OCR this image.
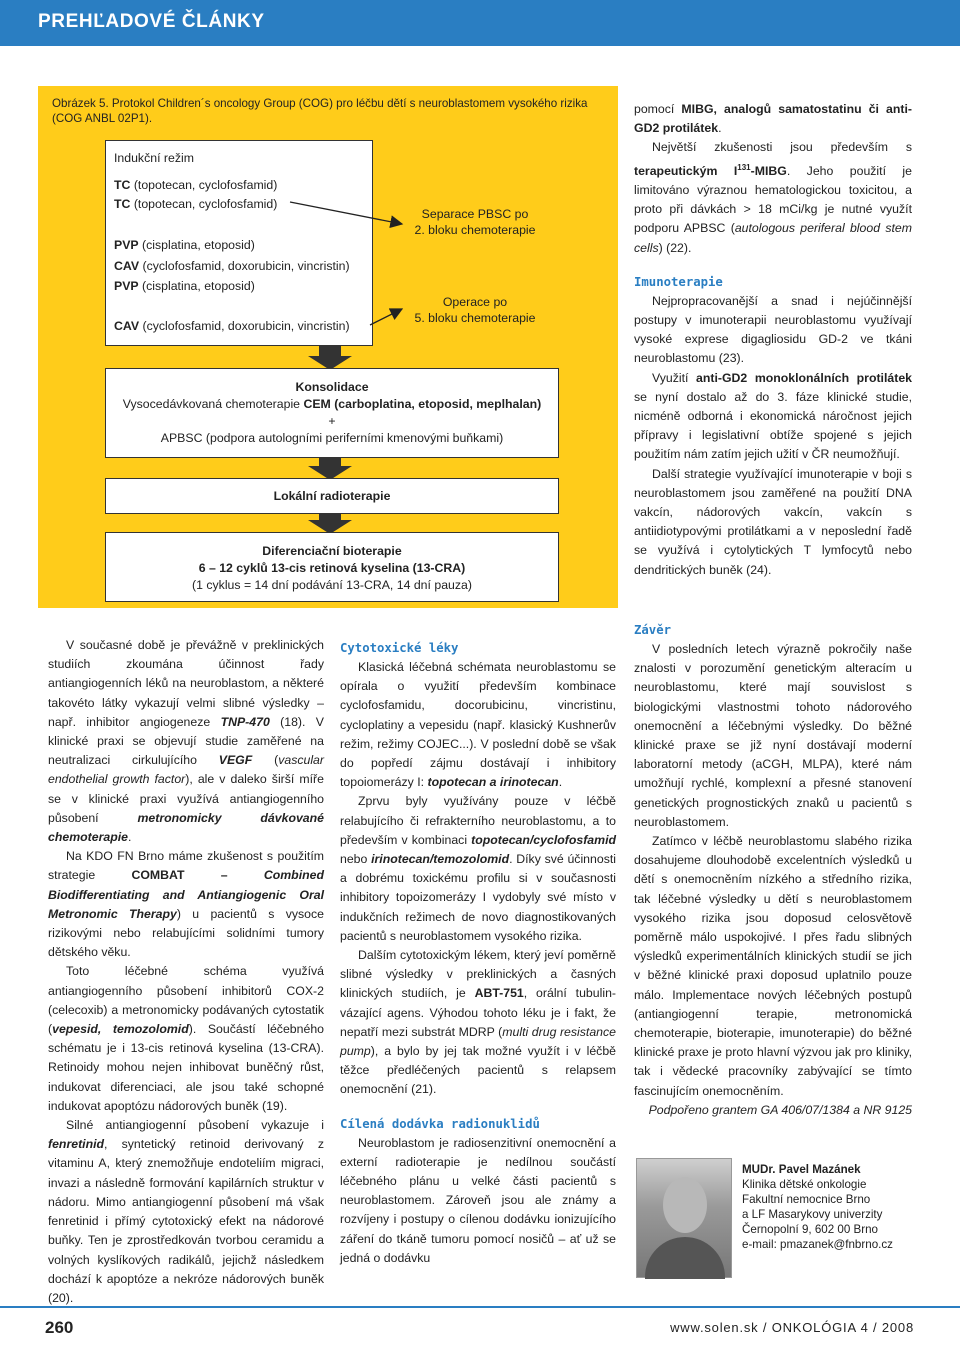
PREHĽADOVÉ ČLÁNKY
Obrázek 5. Protokol Children´s oncology Group (COG) pro léčbu dětí s neuroblastomem vysokého rizika (COG ANBL 02P1).
Indukční režim
TC (topotecan, cyclofosfamid)
TC (topotecan, cyclofosfamid)
PVP (cisplatina, etoposid)
CAV (cyclofosfamid, doxorubicin, vincristin)
PVP (cisplatina, etoposid)
CAV (cyclofosfamid, doxorubicin, vincristin)
Separace PBSC po
2. bloku chemoterapie
Operace po
5. bloku chemoterapie
Konsolidace
Vysocedávkovaná chemoterapie CEM (carboplatina, etoposid, meplhalan)
+
APBSC (podpora autologními periferními kmenovými buňkami)
Lokální radioterapie
Diferenciační bioterapie
6 – 12 cyklů 13-cis retinová kyselina (13-CRA)
(1 cyklus = 14 dní podávání 13-CRA, 14 dní pauza)

pomocí MIBG, analogů samatostatinu či anti-GD2 protilátek.

Největší zkušenosti jsou především s terapeutickým $I^{131}$-MIBG. Jeho použití je limitováno výraznou hematologickou toxicitou, a proto při dávkách > 18 mCi/kg je nutné využít podporu APBSC (autologous periferal blood stem cells) (22).

Imunoterapie

Nejpropracovanější a snad i nejúčinnější postupy v imunoterapii neuroblastomu využívají vysoké exprese digagliosidu GD-2 ve tkáni neuroblastomu (23).

Využití anti-GD2 monoklonálních protilátek se nyní dostalo až do 3. fáze klinické studie, nicméně odborná i ekonomická náročnost jejich přípravy i legislativní obtíže spojené s jejich použitím nám zatím jejich užití v ČR neumožňují.

Další strategie využívající imunoterapie v boji s neuroblastomem jsou zaměřené na použití DNA vakcín, nádorových vakcín, vakcín s antiidiotypovými protilátkami a v neposlední řadě se využívá i cytolytických T lymfocytů nebo dendritických buněk (24).

V současné době je převážně v preklinických studiích zkoumána účinnost řady antiangiogenních léků na neuroblastom, a některé takovéto látky vykazují velmi slibné výsledky – např. inhibitor angiogeneze TNP-470 (18). V klinické praxi se objevují studie zaměřené na neutralizaci cirkulujícího VEGF (vascular endothelial growth factor), ale v daleko širší míře se v klinické praxi využívá antiangiogenního působení metronomicky dávkované chemoterapie.

Na KDO FN Brno máme zkušenost s použitím strategie COMBAT – Combined Biodifferentiating and Antiangiogenic Oral Metronomic Therapy) u pacientů s vysoce rizikovými nebo relabujícími solidními tumory dětského věku.

Toto léčebné schéma využívá antiangiogenního působení inhibitorů COX-2 (celecoxib) a metronomicky podávaných cytostatik (vepesid, temozolomid). Součástí léčebného schématu je i 13-cis retinová kyselina (13-CRA). Retinoidy mohou nejen inhibovat buněčný růst, indukovat diferenciaci, ale jsou také schopné indukovat apoptózu nádorových buněk (19).

Silné antiangiogenní působení vykazuje i fenretinid, syntetický retinoid derivovaný z vitaminu A, který znemožňuje endoteliím migraci, invazi a následně formování kapilárních struktur v nádoru. Mimo antiangiogenní působení má však fenretinid i přímý cytotoxický efekt na nádorové buňky. Ten je zprostředkován tvorbou ceramidu a volných kyslíkových radikálů, jejichž následkem dochází k apoptóze a nekróze nádorových buněk (20).

Cytotoxické léky

Klasická léčebná schémata neuroblastomu se opírala o využití především kombinace cyclofosfamidu, docorubicinu, vincristinu, cycloplatiny a vepesidu (např. klasický Kushnerův režim, režimy COJEC...). V poslední době se však do popředí zájmu dostávají i inhibitory topoiomerázy I: topotecan a irinotecan.

Zprvu byly využívány pouze v léčbě relabujícího či refrakterního neuroblastomu, a to především v kombinaci topotecan/cyclofosfamid nebo irinotecan/temozolomid. Díky své účinnosti a dobrému toxickému profilu si v současnosti inhibitory topoizomerázy I vydobyly své místo v indukčních režimech de novo diagnostikovaných pacientů s neuroblastomem vysokého rizika.

Dalším cytotoxickým lékem, který jeví poměrně slibné výsledky v preklinických a časných klinických studiích, je ABT-751, orální tubulin-vázající agens. Výhodou tohoto léku je i fakt, že nepatří mezi substrát MDRP (multi drug resistance pump), a bylo by jej tak možné využít i v léčbě těžce předléčených pacientů s relapsem onemocnění (21).

Cílená dodávka radionuklidů

Neuroblastom je radiosenzitivní onemocnění a externí radioterapie je nedílnou součástí léčebného plánu u velké části pacientů s neuroblastomem. Zároveň jsou ale známy a rozvíjeny i postupy o cílenou dodávku ionizujícího záření do tkáně tumoru pomocí nosičů – ať už se jedná o dodávku

Závěr

V posledních letech výrazně pokročily naše znalosti v porozumění genetickým alteracím u neuroblastomu, které mají souvislost s biologickými vlastnostmi tohoto nádorového onemocnění a léčebnými výsledky. Do běžné klinické praxe se již nyní dostávají moderní laboratorní metody (aCGH, MLPA), které nám umožňují rychlé, komplexní a přesné stanovení genetických prognostických znaků u pacientů s neuroblastomem.

Zatímco v léčbě neuroblastomu slabého rizika dosahujeme dlouhodobě excelentních výsledků u dětí s onemocněním nízkého a středního rizika, tak léčebné výsledky u dětí s neuroblastomem vysokého rizika jsou doposud celosvětově poměrně málo uspokojivé. I přes řadu slibných výsledků experimentálních klinických studií se jich v běžné klinické praxi doposud uplatnilo pouze málo. Implementace nových léčebných postupů (antiangiogenní terapie, metronomická chemoterapie, bioterapie, imunoterapie) do běžné klinické praxe je proto hlavní výzvou jak pro kliniky, tak i vědecké pracovníky zabývající se tímto fascinujícím onemocněním.

Podpořeno grantem GA 406/07/1384 a NR 9125

MUDr. Pavel Mazánek
Klinika dětské onkologie
Fakultní nemocnice Brno
a LF Masarykovy univerzity
Černopolní 9, 602 00 Brno
e-mail: pmazanek@fnbrno.cz
260	www.solen.sk / ONKOLÓGIA 4 / 2008
